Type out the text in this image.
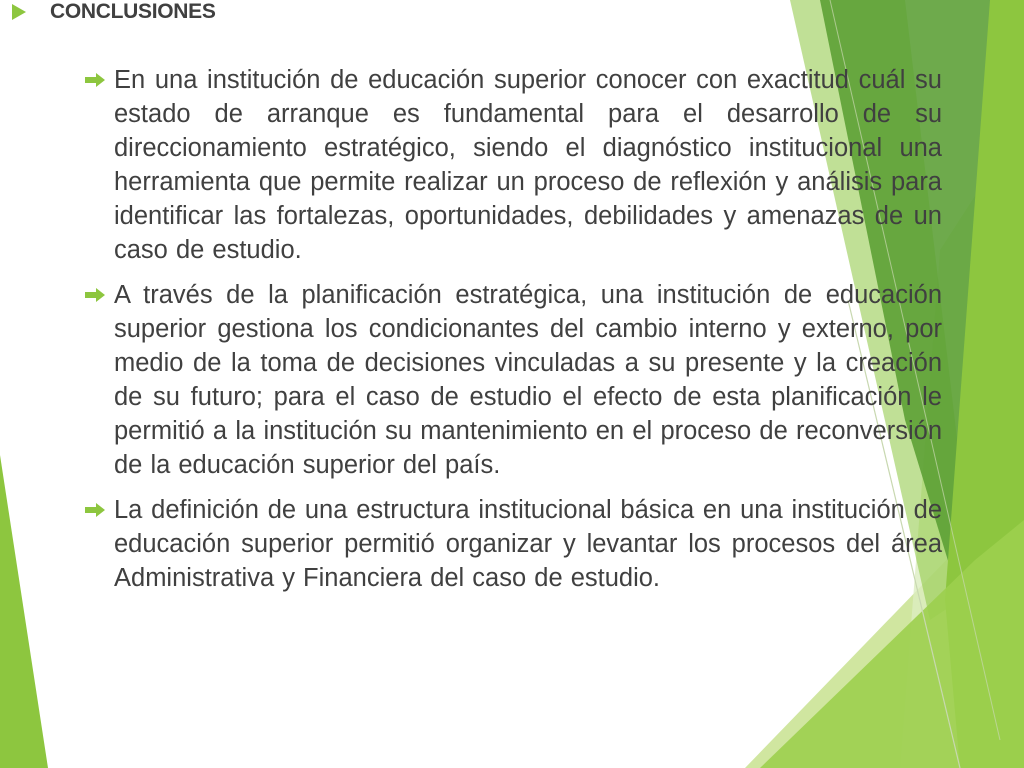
CONCLUSIONES
En una institución de educación superior conocer con exactitud cuál su estado de arranque es fundamental para el desarrollo de su direccionamiento estratégico, siendo el diagnóstico institucional una herramienta que permite realizar un proceso de reflexión y análisis para identificar las fortalezas, oportunidades, debilidades y amenazas de un caso de estudio.
A través de la planificación estratégica, una institución de educación superior gestiona los condicionantes del cambio interno y externo, por medio de la toma de decisiones vinculadas a su presente y la creación de su futuro; para el caso de estudio el efecto de esta planificación le permitió a la institución su mantenimiento en el proceso de reconversión de la educación superior del país.
La definición de una estructura institucional básica en una institución de educación superior permitió organizar y levantar los procesos del área Administrativa y Financiera del caso de estudio.
